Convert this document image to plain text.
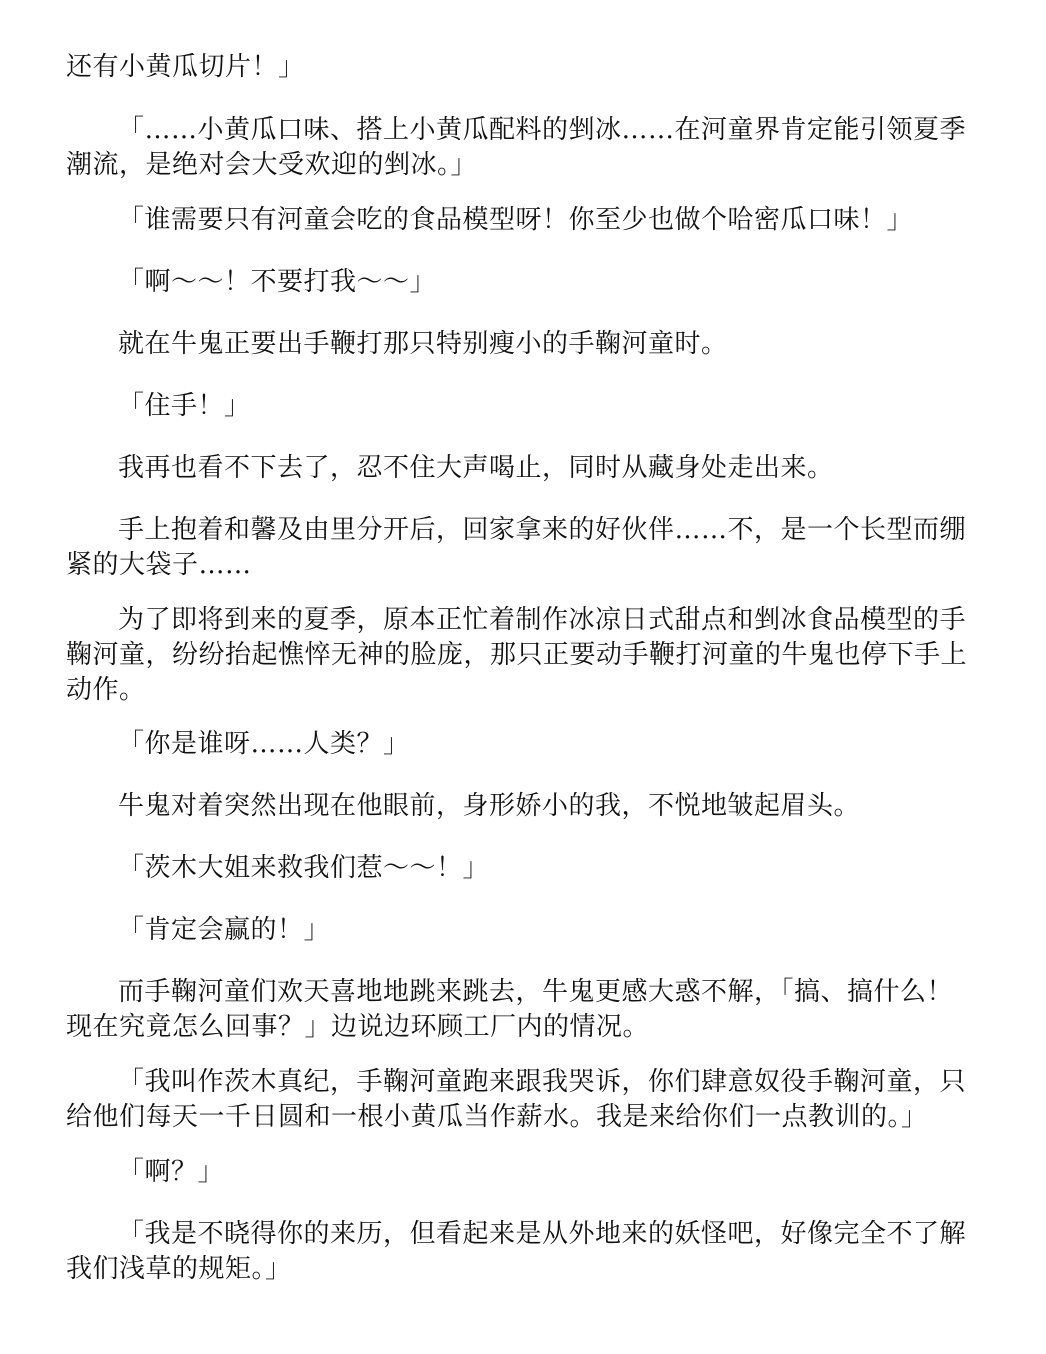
还有小黄瓜切片！」

「……小黄瓜口味、搭上小黄瓜配料的剉冰……在河童界肯定能引领夏季潮流，是绝对会大受欢迎的剉冰。」

「谁需要只有河童会吃的食品模型呀！你至少也做个哈密瓜口味！」

「啊～～！不要打我～～」

就在牛鬼正要出手鞭打那只特别瘦小的手鞠河童时。

「住手！」

我再也看不下去了，忍不住大声喝止，同时从藏身处走出来。

手上抱着和馨及由里分开后，回家拿来的好伙伴……不，是一个长型而绷紧的大袋子……

为了即将到来的夏季，原本正忙着制作冰凉日式甜点和剉冰食品模型的手鞠河童，纷纷抬起憔悴无神的脸庞，那只正要动手鞭打河童的牛鬼也停下手上动作。

「你是谁呀……人类？」

牛鬼对着突然出现在他眼前，身形娇小的我，不悦地皱起眉头。

「茨木大姐来救我们惹～～！」

「肯定会赢的！」

而手鞠河童们欢天喜地地跳来跳去，牛鬼更感大惑不解，「搞、搞什么！现在究竟怎么回事？」边说边环顾工厂内的情况。

「我叫作茨木真纪，手鞠河童跑来跟我哭诉，你们肆意奴役手鞠河童，只给他们每天一千日圆和一根小黄瓜当作薪水。我是来给你们一点教训的。」

「啊？」

「我是不晓得你的来历，但看起来是从外地来的妖怪吧，好像完全不了解我们浅草的规矩。」
